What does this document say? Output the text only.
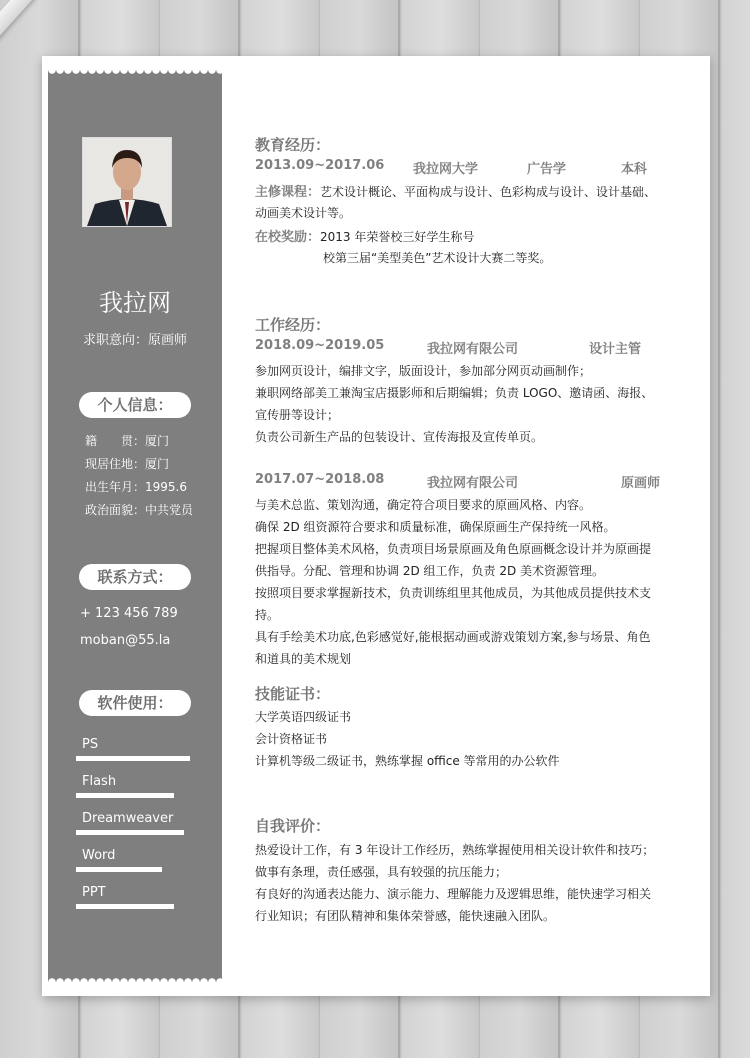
我拉网
求职意向：原画师
个人信息：
籍　　贯：厦门
现居住地：厦门
出生年月：1995.6
政治面貌：中共党员
联系方式：
+ 123 456 789
moban@55.la
软件使用：
PS
Flash
Dreamweaver
Word
PPT
教育经历：
2013.09~2017.06 我拉网大学	广告学	本科
主修课程：艺术设计概论、平面构成与设计、色彩构成与设计、设计基础、
动画美术设计等。
在校奖励：2013 年荣誉校三好学生称号
校第三届“美型美色”艺术设计大赛二等奖。
工作经历：
2018.09~2019.05	我拉网有限公司	设计主管
参加网页设计，编排文字，版面设计，参加部分网页动画制作；
兼职网络部美工兼淘宝店摄影师和后期编辑；负责 LOGO、邀请函、海报、
宣传册等设计；
负责公司新生产品的包装设计、宣传海报及宣传单页。
2017.07~2018.08	我拉网有限公司	原画师
与美术总监、策划沟通，确定符合项目要求的原画风格、内容。
确保 2D 组资源符合要求和质量标准，确保原画生产保持统一风格。
把握项目整体美术风格，负责项目场景原画及角色原画概念设计并为原画提
供指导。分配、管理和协调 2D 组工作，负责 2D 美术资源管理。
按照项目要求掌握新技术，负责训练组里其他成员，为其他成员提供技术支
持。
具有手绘美术功底,色彩感觉好,能根据动画或游戏策划方案,参与场景、角色
和道具的美术规划
技能证书：
大学英语四级证书
会计资格证书
计算机等级二级证书，熟练掌握 office 等常用的办公软件
自我评价：
热爱设计工作，有 3 年设计工作经历，熟练掌握使用相关设计软件和技巧；
做事有条理，责任感强，具有较强的抗压能力；
有良好的沟通表达能力、演示能力、理解能力及逻辑思维，能快速学习相关
行业知识；有团队精神和集体荣誉感，能快速融入团队。
